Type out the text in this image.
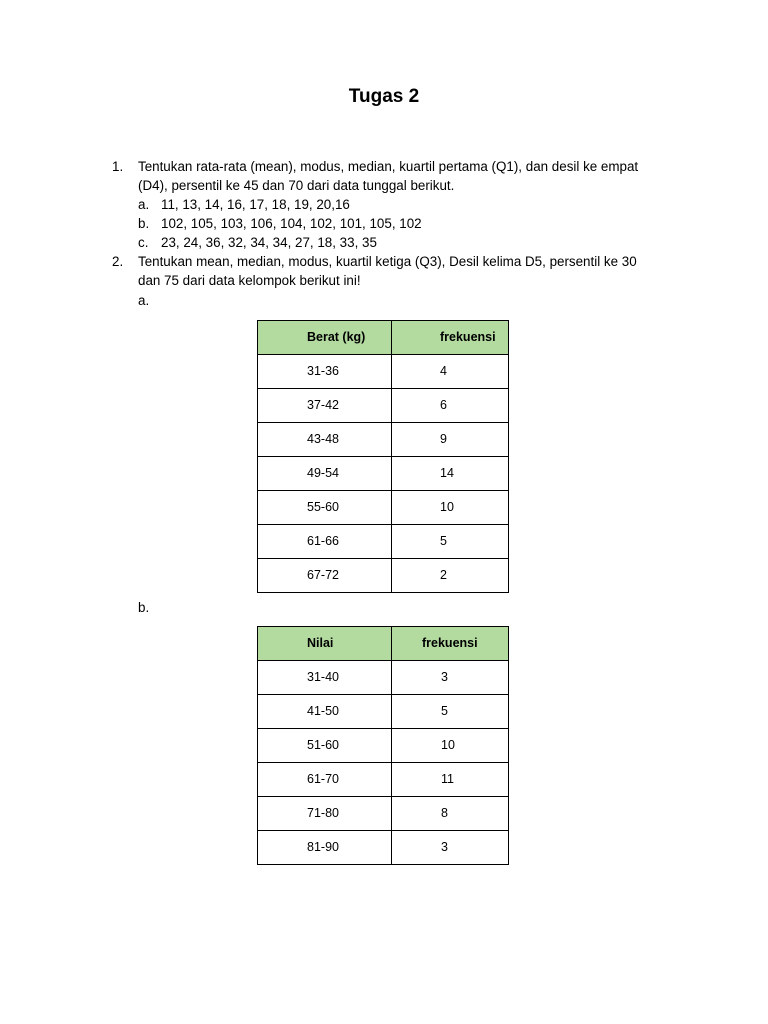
Tugas 2
1. Tentukan rata-rata (mean), modus, median, kuartil pertama (Q1), dan desil ke empat
(D4), persentil ke 45 dan 70 dari data tunggal berikut.
a. 11, 13, 14, 16, 17, 18, 19, 20,16
b. 102, 105, 103, 106, 104, 102, 101, 105, 102
c. 23, 24, 36, 32, 34, 34, 27, 18, 33, 35
2. Tentukan mean, median, modus, kuartil ketiga (Q3), Desil kelima D5, persentil ke 30
dan 75 dari data kelompok berikut ini!
a.
Berat (kg)	frekuensi

31-36	4

37-42	6

43-48	9

49-54	14

55-60	10

61-66	5

67-72	2
b.
Nilai	frekuensi

31-40	3

41-50	5

51-60	10

61-70	11

71-80	8

81-90	3
